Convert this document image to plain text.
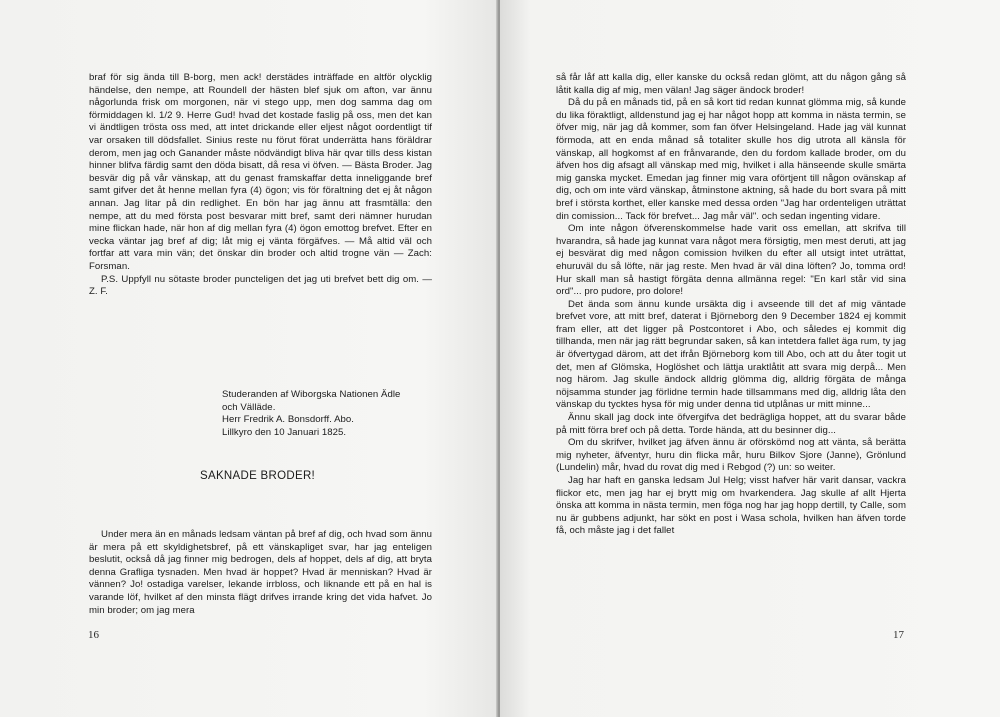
braf för sig ända till B-borg, men ack! derstädes inträffade en altför olycklig händelse, den nempe, att Roundell der hästen blef sjuk om afton, var ännu någorlunda frisk om morgonen, när vi stego upp, men dog samma dag om förmiddagen kl. 1/2 9. Herre Gud! hvad det kostade faslig på oss, men det kan vi ändtligen trösta oss med, att intet drickande eller eljest något oordentligt tif var orsaken till dödsfallet. Sinius reste nu förut förat underrätta hans föräldrar derom, men jag och Ganander måste nödvändigt bliva här qvar tills dess kistan hinner blifva färdig samt den döda bisatt, då resa vi öfven. — Bästa Broder. Jag besvär dig på vår vänskap, att du genast framskaffar detta inneliggande bref samt gifver det åt henne mellan fyra (4) ögon; vis för föraltning det ej åt någon annan. Jag litar på din redlighet. En bön har jag ännu att frasmtälla: den nempe, att du med första post besvarar mitt bref, samt deri nämner hurudan mine flickan hade, när hon af dig mellan fyra (4) ögon emottog brefvet. Efter en vecka väntar jag bref af dig; låt mig ej vänta förgäfves. — Må altid väl och fortfar att vara min vän; det önskar din broder och altid trogne vän — Zach: Forsman.

P.S. Uppfyll nu sötaste broder puncteligen det jag uti brefvet bett dig om. — Z. F.

Studeranden af Wiborgska Nationen Ädle
och Välläde.
Herr Fredrik A. Bonsdorff. Abo.
Lillkyro den 10 Januari 1825.
SAKNADE BRODER!

Under mera än en månads ledsam väntan på bref af dig, och hvad som ännu är mera på ett skyldighetsbref, på ett vänskapliget svar, har jag enteligen beslutit, också då jag finner mig bedrogen, dels af hoppet, dels af dig, att bryta denna Grafliga tysnaden. Men hvad är hoppet? Hvad är menniskan? Hvad är vännen? Jo! ostadiga varelser, lekande irrbloss, och liknande ett på en hal is varande löf, hvilket af den minsta flägt drifves irrande kring det vida hafvet. Jo min broder; om jag mera

16

så får låf att kalla dig, eller kanske du också redan glömt, att du någon gång så låtit kalla dig af mig, men välan! Jag säger ändock broder!

Då du på en månads tid, på en så kort tid redan kunnat glömma mig, så kunde du lika föraktligt, alldenstund jag ej har något hopp att komma in nästa termin, se öfver mig, när jag då kommer, som fan öfver Helsingeland. Hade jag väl kunnat förmoda, att en enda månad så totaliter skulle hos dig utrota all känsla för vänskap, all hogkomst af en frånvarande, den du fordom kallade broder, om du äfven hos dig afsagt all vänskap med mig, hvilket i alla hänseende skulle smärta mig ganska mycket. Emedan jag finner mig vara oförtjent till någon ovänskap af dig, och om inte värd vänskap, åtminstone aktning, så hade du bort svara på mitt bref i största korthet, eller kanske med dessa orden "Jag har ordenteligen uträttat din comission... Tack för brefvet... Jag mår väl". och sedan ingenting vidare.

Om inte någon öfverenskommelse hade varit oss emellan, att skrifva till hvarandra, så hade jag kunnat vara något mera försigtig, men mest deruti, att jag ej besvärat dig med någon comission hvilken du efter all utsigt intet uträttat, ehuruväl du så löfte, när jag reste. Men hvad är väl dina löften? Jo, tomma ord! Hur skall man så hastigt förgäta denna allmänna regel: "En karl står vid sina ord"... pro pudore, pro dolore!

Det ända som ännu kunde ursäkta dig i avseende till det af mig väntade brefvet vore, att mitt bref, daterat i Björneborg den 9 December 1824 ej kommit fram eller, att det ligger på Postcontoret i Abo, och således ej kommit dig tillhanda, men när jag rätt begrundar saken, så kan intetdera fallet äga rum, ty jag är öfvertygad därom, att det ifrån Björneborg kom till Abo, och att du åter togit ut det, men af Glömska, Hoglöshet och lättja uraktlåtit att svara mig derpå... Men nog härom. Jag skulle ändock alldrig glömma dig, alldrig förgäta de många nöjsamma stunder jag förlidne termin hade tillsammans med dig, alldrig låta den vänskap du tycktes hysa för mig under denna tid utplånas ur mitt minne...

Ännu skall jag dock inte öfvergifva det bedrägliga hoppet, att du svarar både på mitt förra bref och på detta. Torde hända, att du besinner dig...

Om du skrifver, hvilket jag äfven ännu är oförskömd nog att vänta, så berätta mig nyheter, äfventyr, huru din flicka mår, huru Bilkov Sjore (Janne), Grönlund (Lundelin) mår, hvad du rovat dig med i Rebgod (?) un: so weiter.

Jag har haft en ganska ledsam Jul Helg; visst hafver här varit dansar, vackra flickor etc, men jag har ej brytt mig om hvarkendera. Jag skulle af allt Hjerta önska att komma in nästa termin, men föga nog har jag hopp dertill, ty Calle, som nu är gubbens adjunkt, har sökt en post i Wasa schola, hvilken han äfven torde få, och måste jag i det fallet

17
